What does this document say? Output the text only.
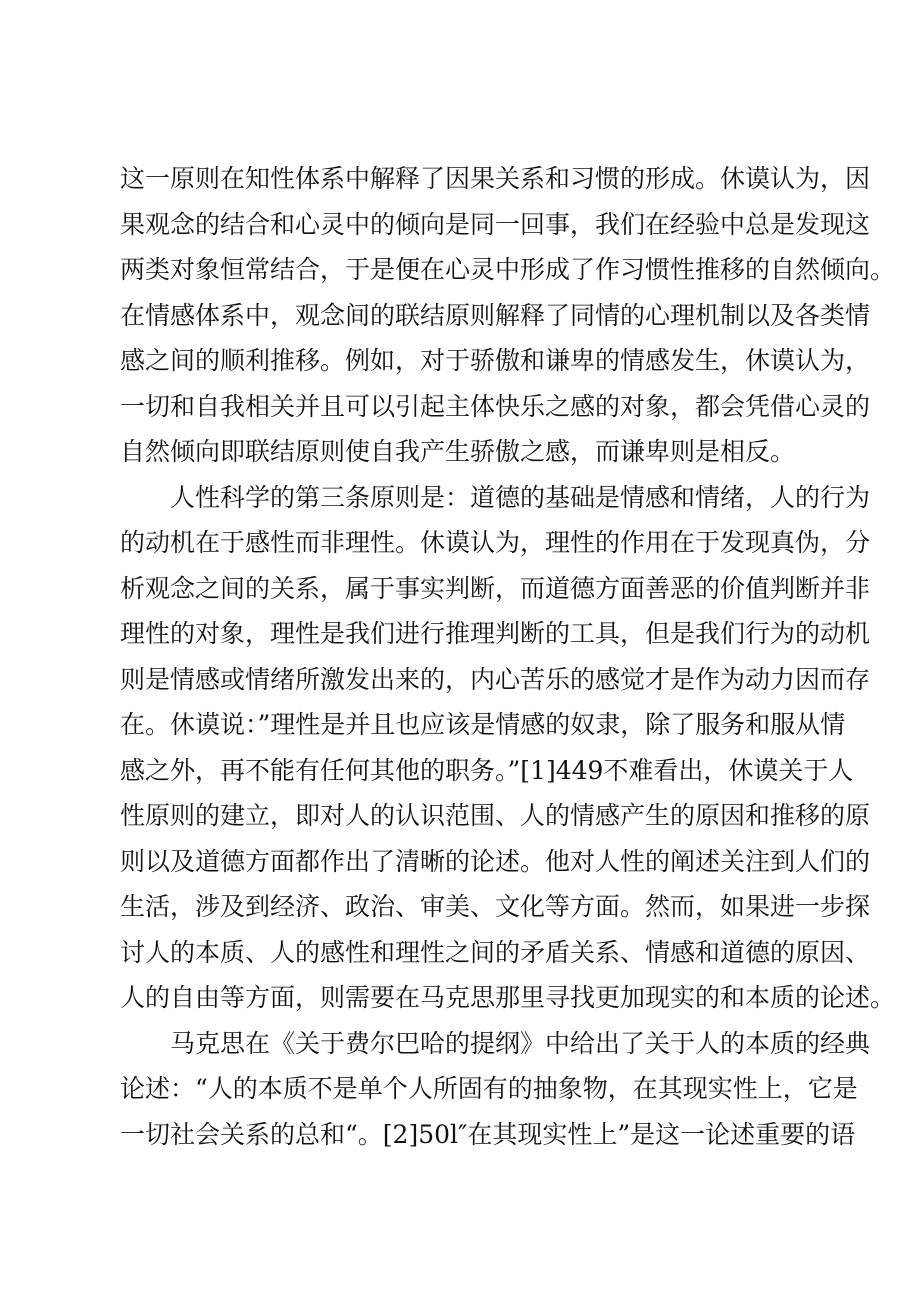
这一原则在知性体系中解释了因果关系和习惯的形成。休谟认为，因
果观念的结合和心灵中的倾向是同一回事，我们在经验中总是发现这
两类对象恒常结合，于是便在心灵中形成了作习惯性推移的自然倾向。
在情感体系中，观念间的联结原则解释了同情的心理机制以及各类情
感之间的顺利推移。例如，对于骄傲和谦卑的情感发生，休谟认为，
一切和自我相关并且可以引起主体快乐之感的对象，都会凭借心灵的
自然倾向即联结原则使自我产生骄傲之感，而谦卑则是相反。
人性科学的第三条原则是：道德的基础是情感和情绪，人的行为
的动机在于感性而非理性。休谟认为，理性的作用在于发现真伪，分
析观念之间的关系，属于事实判断，而道德方面善恶的价值判断并非
理性的对象，理性是我们进行推理判断的工具，但是我们行为的动机
则是情感或情绪所激发出来的，内心苦乐的感觉才是作为动力因而存
在。休谟说：”理性是并且也应该是情感的奴隶，除了服务和服从情
感之外，再不能有任何其他的职务。”[1]449不难看出，休谟关于人
性原则的建立，即对人的认识范围、人的情感产生的原因和推移的原
则以及道德方面都作出了清晰的论述。他对人性的阐述关注到人们的
生活，涉及到经济、政治、审美、文化等方面。然而，如果进一步探
讨人的本质、人的感性和理性之间的矛盾关系、情感和道德的原因、
人的自由等方面，则需要在马克思那里寻找更加现实的和本质的论述。
马克思在《关于费尔巴哈的提纲》中给出了关于人的本质的经典
论述：“人的本质不是单个人所固有的抽象物，在其现实性上，它是
一切社会关系的总和“。[2]50l″在其现实性上”是这一论述重要的语
